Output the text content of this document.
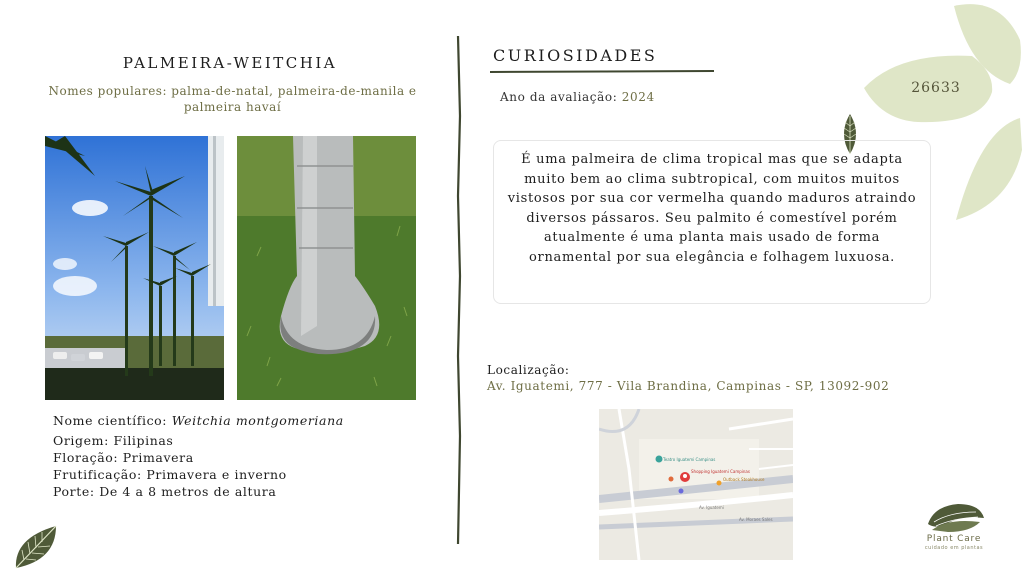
PALMEIRA-WEITCHIA
Nomes populares: palma-de-natal, palmeira-de-manila e palmeira havaí
Nome científico: Weitchia montgomeriana
Origem: Filipinas
Floração: Primavera
Frutificação: Primavera e inverno
Porte: De 4 a 8 metros de altura
CURIOSIDADES
Ano da avaliação: 2024
26633
É uma palmeira de clima tropical mas que se adapta muito bem ao clima subtropical, com muitos muitos vistosos por sua cor vermelha quando maduros atraindo diversos pássaros. Seu palmito é comestível porém atualmente é uma planta mais usado de forma ornamental por sua elegância e folhagem luxuosa.
Localização:
Av. Iguatemi, 777 - Vila Brandina, Campinas - SP, 13092-902
Teatro Iguatemi Campinas
Shopping Iguatemi Campinas
Outback Steakhouse
Av. Iguatemi
Av. Moraes Sales
Plant Care
cuidado em plantas
